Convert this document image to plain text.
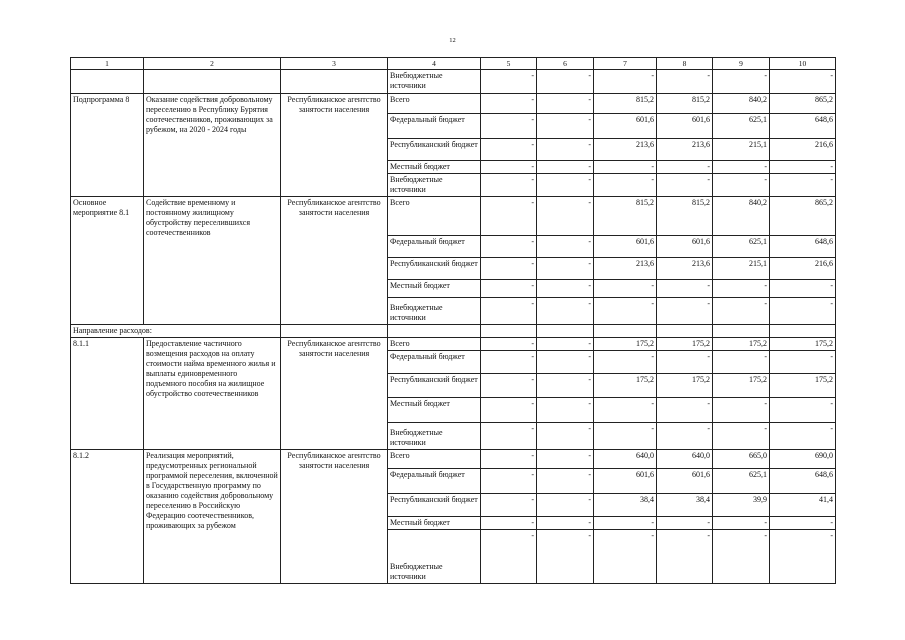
12
1	2	3	4	5	6	7	8	9	10
			Внебюджетные источники	-	-	-	-	-	-
Подпрограмма 8	Оказание содействия добровольному переселению в Республику Бурятия соотечественников, проживающих за рубежом, на 2020 - 2024 годы	Республиканское агентство занятости населения	Всего	-	-	815,2	815,2	840,2	865,2
			Федеральный бюджет	-	-	601,6	601,6	625,1	648,6
			Республиканский бюджет	-	-	213,6	213,6	215,1	216,6
			Местный бюджет	-	-	-	-	-	-
			Внебюджетные источники	-	-	-	-	-	-
Основное мероприятие 8.1	Содействие временному и постоянному жилищному обустройству переселившихся соотечественников	Республиканское агентство занятости населения	Всего	-	-	815,2	815,2	840,2	865,2
			Федеральный бюджет	-	-	601,6	601,6	625,1	648,6
			Республиканский бюджет	-	-	213,6	213,6	215,1	216,6
			Местный бюджет	-	-	-	-	-	-
			Внебюджетные источники	-	-	-	-	-	-
Направление расходов:									
8.1.1	Предоставление частичного возмещения расходов на оплату стоимости найма временного жилья и выплаты единовременного подъемного пособия на жилищное обустройство соотечественников	Республиканское агентство занятости населения	Всего	-	-	175,2	175,2	175,2	175,2
			Федеральный бюджет	-	-	-	-	-	-
			Республиканский бюджет	-	-	175,2	175,2	175,2	175,2
			Местный бюджет	-	-	-	-	-	-
			Внебюджетные источники	-	-	-	-	-	-
8.1.2	Реализация мероприятий, предусмотренных региональной программой переселения, включенной в Государственную программу по оказанию содействия добровольному переселению в Российскую Федерацию соотечественников, проживающих за рубежом	Республиканское агентство занятости населения	Всего	-	-	640,0	640,0	665,0	690,0
			Федеральный бюджет	-	-	601,6	601,6	625,1	648,6
			Республиканский бюджет	-	-	38,4	38,4	39,9	41,4
			Местный бюджет	-	-	-	-	-	-
			Внебюджетные источники	-	-	-	-	-	-
